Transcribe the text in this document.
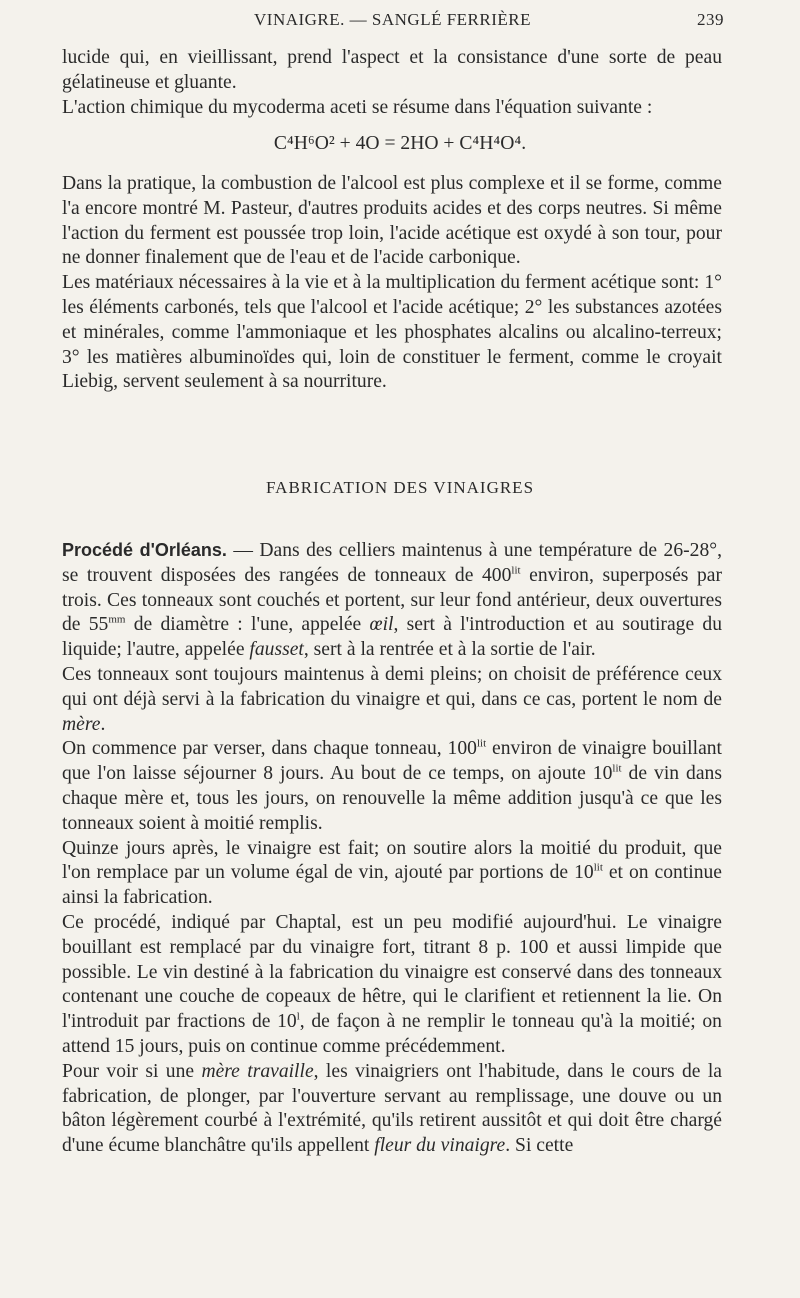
VINAIGRE. — SANGLÉ FERRIÈRE	239

lucide qui, en vieillissant, prend l'aspect et la consistance d'une sorte de peau gélatineuse et gluante.

L'action chimique du mycoderma aceti se résume dans l'équation suivante :

C⁴H⁶O² + 4O = 2HO + C⁴H⁴O⁴.

Dans la pratique, la combustion de l'alcool est plus complexe et il se forme, comme l'a encore montré M. Pasteur, d'autres produits acides et des corps neutres. Si même l'action du ferment est poussée trop loin, l'acide acétique est oxydé à son tour, pour ne donner finalement que de l'eau et de l'acide carbonique.

Les matériaux nécessaires à la vie et à la multiplication du ferment acétique sont: 1° les éléments carbonés, tels que l'alcool et l'acide acétique; 2° les substances azotées et minérales, comme l'ammoniaque et les phosphates alcalins ou alcalino-terreux; 3° les matières albuminoïdes qui, loin de constituer le ferment, comme le croyait Liebig, servent seulement à sa nourriture.

FABRICATION DES VINAIGRES

Procédé d'Orléans. — Dans des celliers maintenus à une température de 26-28°, se trouvent disposées des rangées de tonneaux de $400^{lit}$ environ, superposés par trois. Ces tonneaux sont couchés et portent, sur leur fond antérieur, deux ouvertures de $55^{mm}$ de diamètre : l'une, appelée œil, sert à l'introduction et au soutirage du liquide; l'autre, appelée fausset, sert à la rentrée et à la sortie de l'air.

Ces tonneaux sont toujours maintenus à demi pleins; on choisit de préférence ceux qui ont déjà servi à la fabrication du vinaigre et qui, dans ce cas, portent le nom de mère.

On commence par verser, dans chaque tonneau, $100^{lit}$ environ de vinaigre bouillant que l'on laisse séjourner 8 jours. Au bout de ce temps, on ajoute $10^{lit}$ de vin dans chaque mère et, tous les jours, on renouvelle la même addition jusqu'à ce que les tonneaux soient à moitié remplis.

Quinze jours après, le vinaigre est fait; on soutire alors la moitié du produit, que l'on remplace par un volume égal de vin, ajouté par portions de $10^{lit}$ et on continue ainsi la fabrication.

Ce procédé, indiqué par Chaptal, est un peu modifié aujourd'hui. Le vinaigre bouillant est remplacé par du vinaigre fort, titrant 8 p. 100 et aussi limpide que possible. Le vin destiné à la fabrication du vinaigre est conservé dans des tonneaux contenant une couche de copeaux de hêtre, qui le clarifient et retiennent la lie. On l'introduit par fractions de 10$^l$, de façon à ne remplir le tonneau qu'à la moitié; on attend 15 jours, puis on continue comme précédemment.

Pour voir si une mère travaille, les vinaigriers ont l'habitude, dans le cours de la fabrication, de plonger, par l'ouverture servant au remplissage, une douve ou un bâton légèrement courbé à l'extrémité, qu'ils retirent aussitôt et qui doit être chargé d'une écume blanchâtre qu'ils appellent fleur du vinaigre. Si cette
